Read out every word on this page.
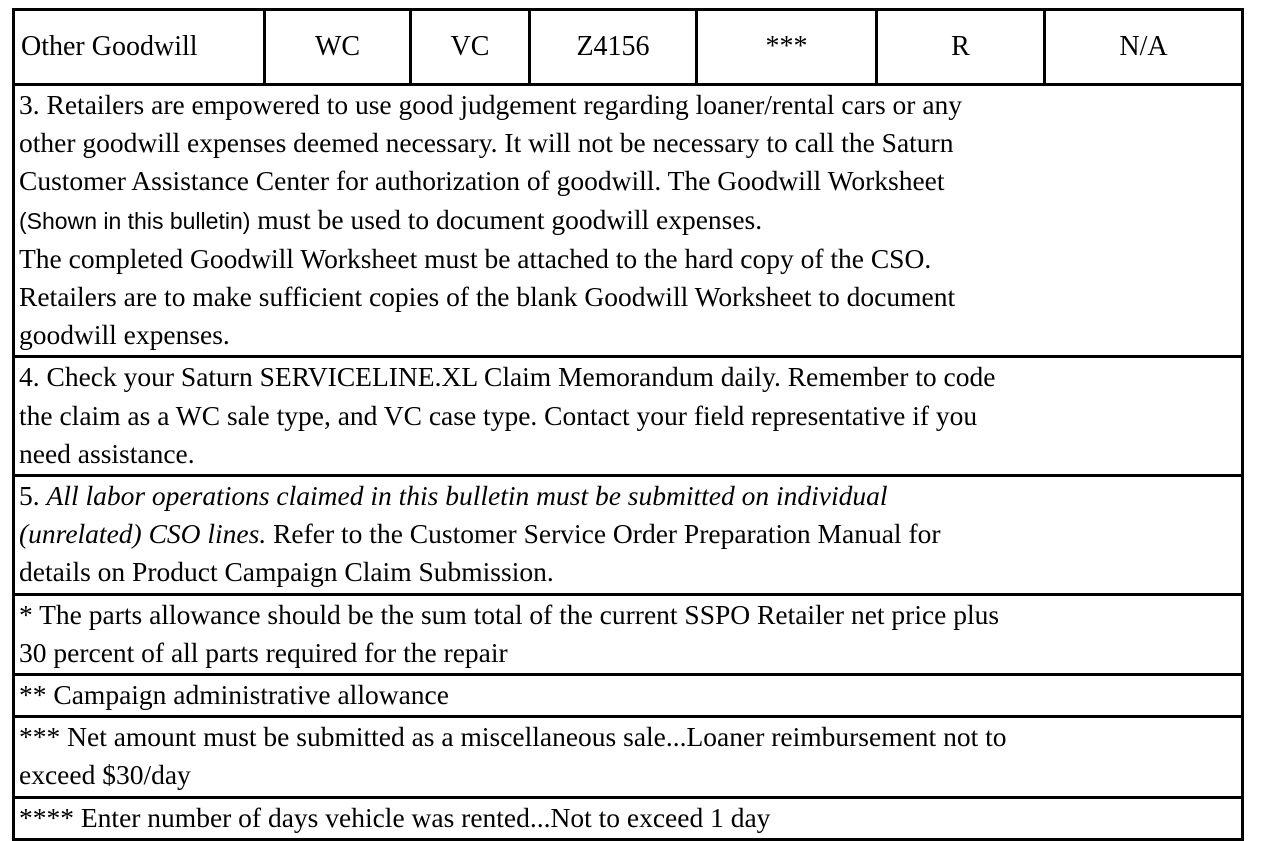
Other Goodwill	WC	VC	Z4156	***	R	N/A

3. Retailers are empowered to use good judgement regarding loaner/rental cars or any
other goodwill expenses deemed necessary. It will not be necessary to call the Saturn
Customer Assistance Center for authorization of goodwill. The Goodwill Worksheet
(Shown in this bulletin) must be used to document goodwill expenses.
The completed Goodwill Worksheet must be attached to the hard copy of the CSO.
Retailers are to make sufficient copies of the blank Goodwill Worksheet to document
goodwill expenses.

4. Check your Saturn SERVICELINE.XL Claim Memorandum daily. Remember to code
the claim as a WC sale type, and VC case type. Contact your field representative if you
need assistance.

5. All labor operations claimed in this bulletin must be submitted on individual
(unrelated) CSO lines. Refer to the Customer Service Order Preparation Manual for
details on Product Campaign Claim Submission.

* The parts allowance should be the sum total of the current SSPO Retailer net price plus
30 percent of all parts required for the repair

** Campaign administrative allowance

*** Net amount must be submitted as a miscellaneous sale...Loaner reimbursement not to
exceed $30/day

**** Enter number of days vehicle was rented...Not to exceed 1 day
